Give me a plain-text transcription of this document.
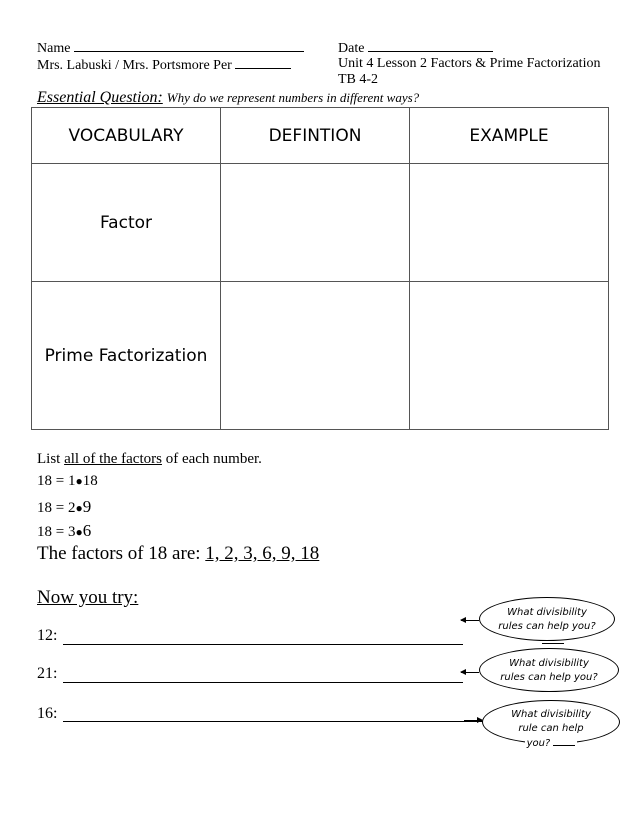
Name	Date
Mrs. Labuski / Mrs. Portsmore Per	Unit 4 Lesson 2 Factors & Prime Factorization
TB 4-2
Essential Question: Why do we represent numbers in different ways?
VOCABULARY	DEFINTION	EXAMPLE
Factor		
Prime Factorization		
List all of the factors of each number.
18 = 1●18
18 = 2●9
18 = 3●6
The factors of 18 are: 1, 2, 3, 6, 9, 18
Now you try:
12:
What divisibility
rules can help you?
21:
What divisibility
rules can help you?
16:	What divisibility
rule can help
you?
